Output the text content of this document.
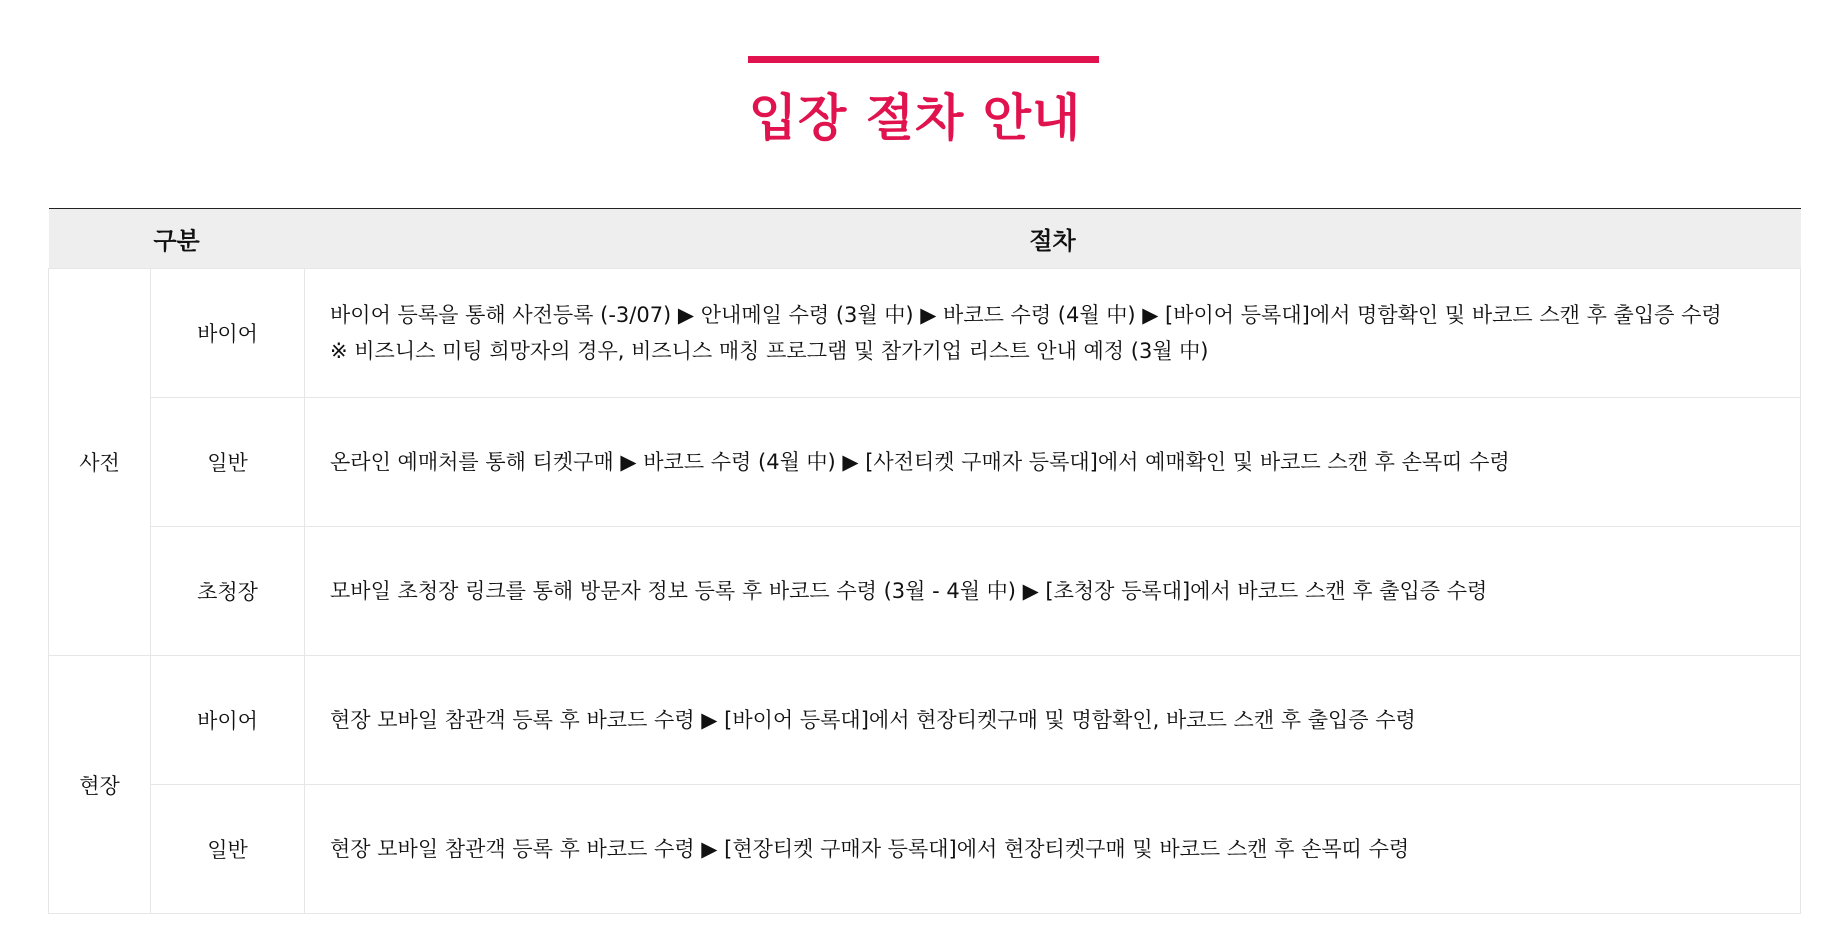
입장 절차 안내
구분		절차
사전	바이어	바이어 등록을 통해 사전등록 (-3/07) ▶ 안내메일 수령 (3월 中) ▶ 바코드 수령 (4월 中) ▶ [바이어 등록대]에서 명함확인 및 바코드 스캔 후 출입증 수령
※ 비즈니스 미팅 희망자의 경우, 비즈니스 매칭 프로그램 및 참가기업 리스트 안내 예정 (3월 中)

	일반	온라인 예매처를 통해 티켓구매 ▶ 바코드 수령 (4월 中) ▶ [사전티켓 구매자 등록대]에서 예매확인 및 바코드 스캔 후 손목띠 수령

	초청장	모바일 초청장 링크를 통해 방문자 정보 등록 후 바코드 수령 (3월 - 4월 中) ▶ [초청장 등록대]에서 바코드 스캔 후 출입증 수령

현장	바이어	현장 모바일 참관객 등록 후 바코드 수령 ▶ [바이어 등록대]에서 현장티켓구매 및 명함확인, 바코드 스캔 후 출입증 수령

	일반	현장 모바일 참관객 등록 후 바코드 수령 ▶ [현장티켓 구매자 등록대]에서 현장티켓구매 및 바코드 스캔 후 손목띠 수령
